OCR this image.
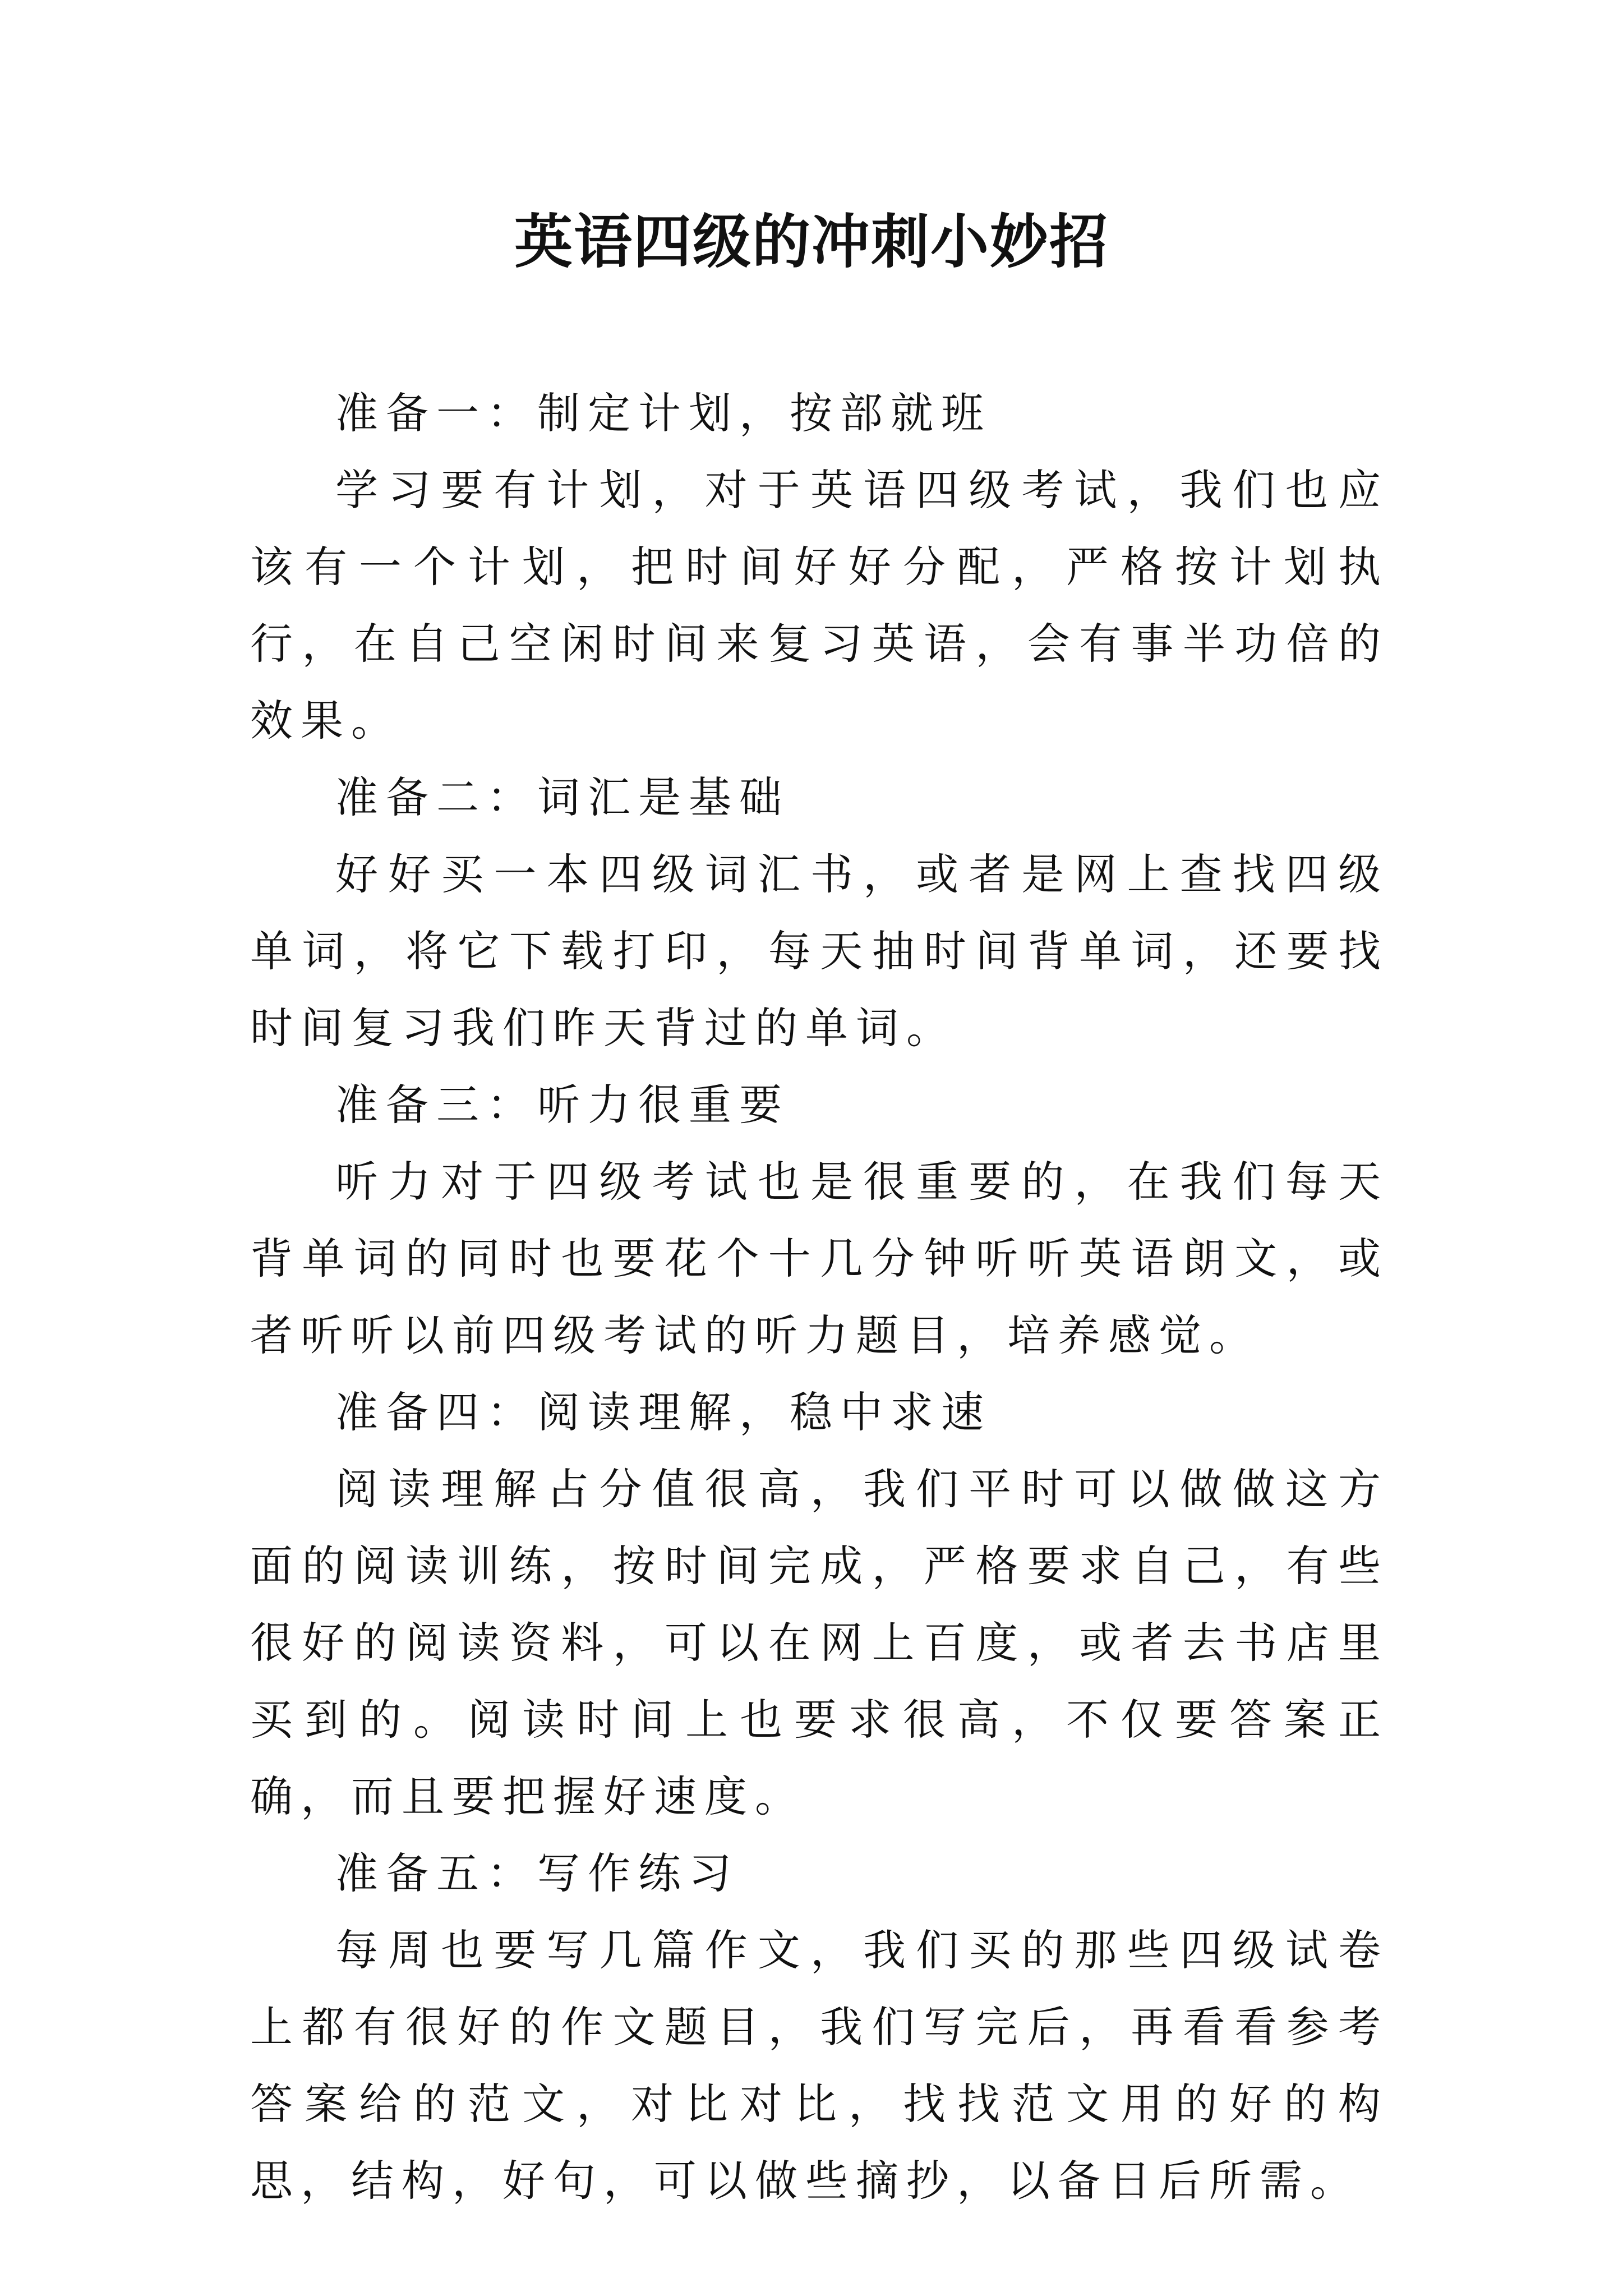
英语四级的冲刺小妙招

准备一：制定计划，按部就班

学习要有计划，对于英语四级考试，我们也应该有一个计划，把时间好好分配，严格按计划执行，在自己空闲时间来复习英语，会有事半功倍的效果。

准备二：词汇是基础

好好买一本四级词汇书，或者是网上查找四级单词，将它下载打印，每天抽时间背单词，还要找时间复习我们昨天背过的单词。

准备三：听力很重要

听力对于四级考试也是很重要的，在我们每天背单词的同时也要花个十几分钟听听英语朗文，或者听听以前四级考试的听力题目，培养感觉。

准备四：阅读理解，稳中求速

阅读理解占分值很高，我们平时可以做做这方面的阅读训练，按时间完成，严格要求自己，有些很好的阅读资料，可以在网上百度，或者去书店里买到的。阅读时间上也要求很高，不仅要答案正确，而且要把握好速度。

准备五：写作练习

每周也要写几篇作文，我们买的那些四级试卷上都有很好的作文题目，我们写完后，再看看参考答案给的范文，对比对比，找找范文用的好的构思，结构，好句，可以做些摘抄，以备日后所需。
